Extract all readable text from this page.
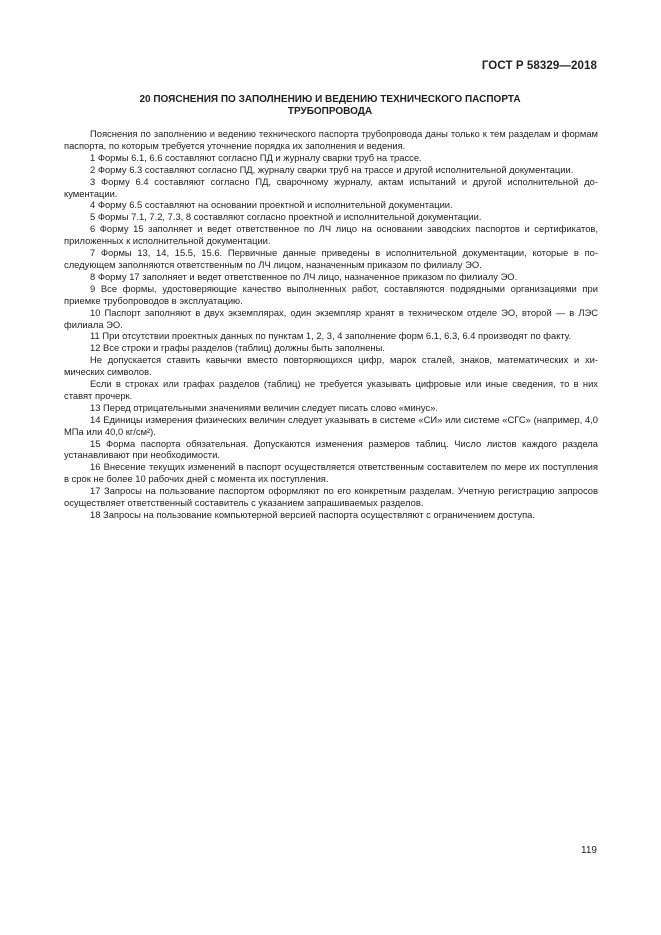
ГОСТ Р 58329—2018
20 ПОЯСНЕНИЯ ПО ЗАПОЛНЕНИЮ И ВЕДЕНИЮ ТЕХНИЧЕСКОГО ПАСПОРТА
ТРУБОПРОВОДА

Пояснения по заполнению и ведению технического паспорта трубопровода даны только к тем разделам и формам паспорта, по которым требуется уточнение порядка их заполнения и ведения.

1 Формы 6.1, 6.6 составляют согласно ПД и журналу сварки труб на трассе.

2 Форму 6.3 составляют согласно ПД, журналу сварки труб на трассе и другой исполнительной документации.

3 Форму 6.4 составляют согласно ПД, сварочному журналу, актам испытаний и другой исполнительной документации.

4 Форму 6.5 составляют на основании проектной и исполнительной документации.

5 Формы 7.1, 7.2, 7.3, 8 составляют согласно проектной и исполнительной документации.

6 Форму 15 заполняет и ведет ответственное по ЛЧ лицо на основании заводских паспортов и сертификатов, приложенных к исполнительной документации.

7 Формы 13, 14, 15.5, 15.6. Первичные данные приведены в исполнительной документации, которые в последующем заполняются ответственным по ЛЧ лицом, назначенным приказом по филиалу ЭО.

8 Форму 17 заполняет и ведет ответственное по ЛЧ лицо, назначенное приказом по филиалу ЭО.

9 Все формы, удостоверяющие качество выполненных работ, составляются подрядными организациями при приемке трубопроводов в эксплуатацию.

10 Паспорт заполняют в двух экземплярах, один экземпляр хранят в техническом отделе ЭО, второй — в ЛЭС филиала ЭО.

11 При отсутствии проектных данных по пунктам 1, 2, 3, 4 заполнение форм 6.1, 6.3, 6.4 производят по факту.

12 Все строки и графы разделов (таблиц) должны быть заполнены.

Не допускается ставить кавычки вместо повторяющихся цифр, марок сталей, знаков, математических и химических символов.

Если в строках или графах разделов (таблиц) не требуется указывать цифровые или иные сведения, то в них ставят прочерк.

13 Перед отрицательными значениями величин следует писать слово «минус».

14 Единицы измерения физических величин следует указывать в системе «СИ» или системе «СГС» (например, 4,0 МПа или 40,0 кг/см²).

15 Форма паспорта обязательная. Допускаются изменения размеров таблиц. Число листов каждого раздела устанавливают при необходимости.

16 Внесение текущих изменений в паспорт осуществляется ответственным составителем по мере их поступления в срок не более 10 рабочих дней с момента их поступления.

17 Запросы на пользование паспортом оформляют по его конкретным разделам. Учетную регистрацию запросов осуществляет ответственный составитель с указанием запрашиваемых разделов.

18 Запросы на пользование компьютерной версией паспорта осуществляют с ограничением доступа.

119
